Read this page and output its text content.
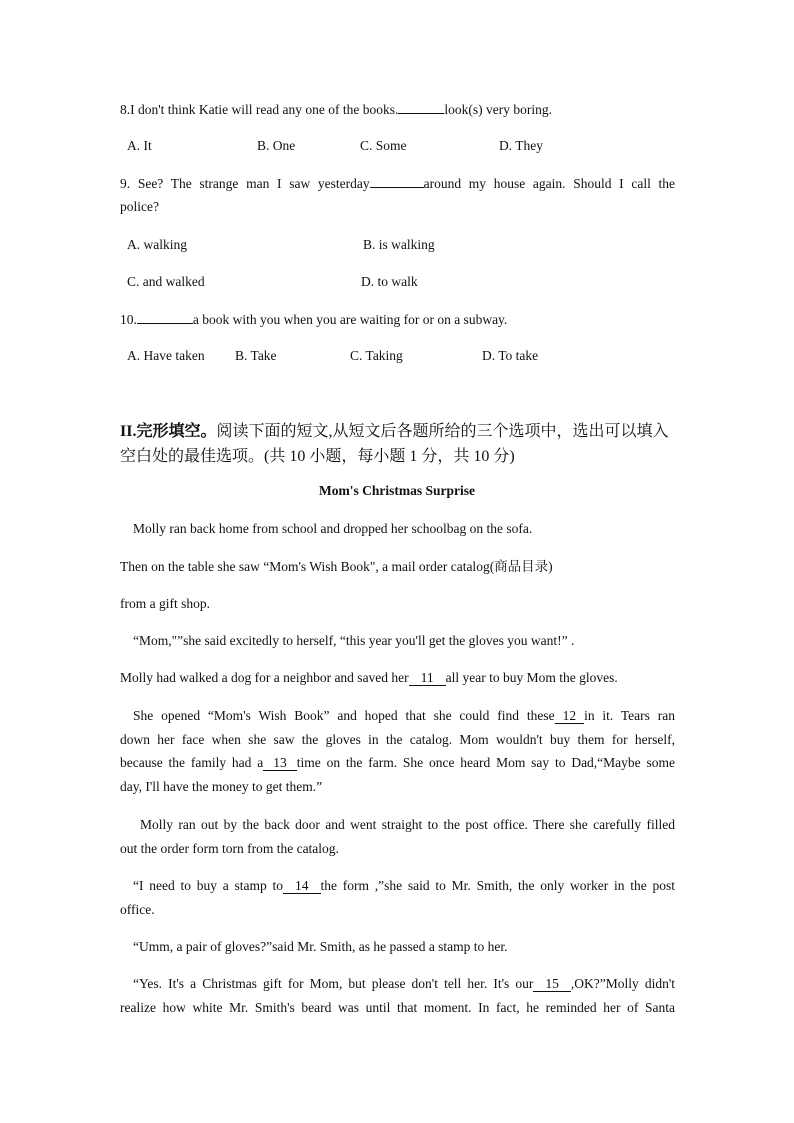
8.I don't think Katie will read any one of the books.	look(s) very boring.
A. It	B. One	C. Some	D. They
9. See? The strange man I saw yesterday	around my house again. Should I call the
police?
A. walking	B. is walking
C. and walked	D. to walk
10.	a book with you when you are waiting for or on a subway.
A. Have taken B. Take	C. Taking	D. To take
II.完形填空。阅读下面的短文,从短文后各题所给的三个选项中，选出可以填入
空白处的最佳选项。(共 10 小题，每小题 1 分，共 10 分)
Mom's Christmas Surprise
Molly ran back home from school and dropped her schoolbag on the sofa.
Then on the table she saw “Mom's Wish Book", a mail order catalog(商品目录)
from a gift shop.
“Mom,"”she said excitedly to herself, “this year you'll get the gloves you want!” .
Molly had walked a dog for a neighbor and saved her 11 all year to buy Mom the gloves.
She opened “Mom's Wish Book” and hoped that she could find these 12 in it. Tears ran
down her face when she saw the gloves in the catalog. Mom wouldn't buy them for herself,
because the family had a 13 time on the farm. She once heard Mom say to Dad,“Maybe some
day, I'll have the money to get them.”
Molly ran out by the back door and went straight to the post office. There she carefully filled
out the order form torn from the catalog.
“I need to buy a stamp to 14 the form ,”she said to Mr. Smith, the only worker in the post
office.
“Umm, a pair of gloves?”said Mr. Smith, as he passed a stamp to her.
“Yes. It's a Christmas gift for Mom, but please don't tell her. It's our 15 ,OK?”Molly didn't
realize how white Mr. Smith's beard was until that moment. In fact, he reminded her of Santa
